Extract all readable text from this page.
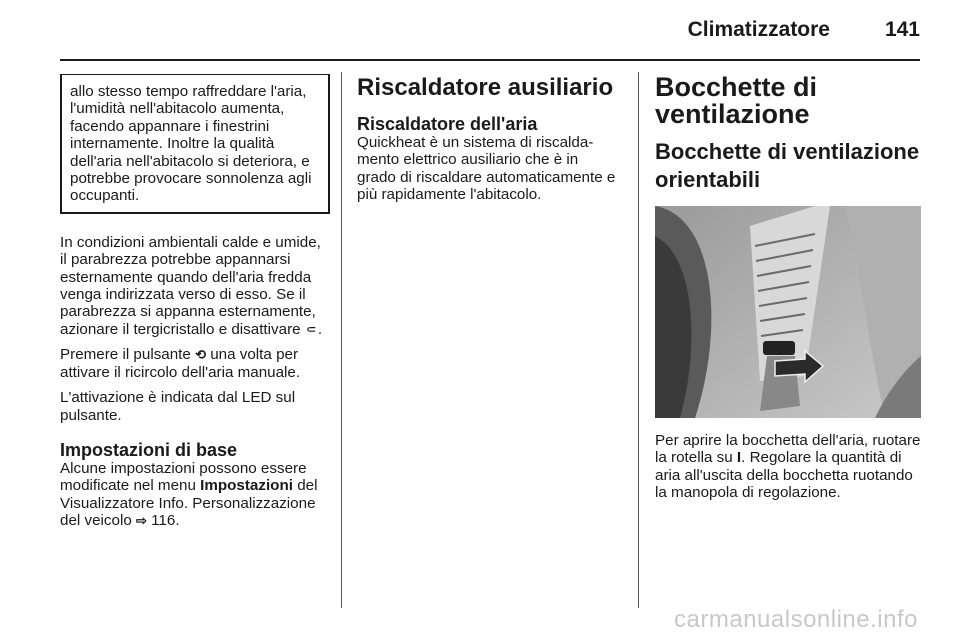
Climatizzatore	141
allo stesso tempo raffreddare l'aria, l'umidità nell'abitacolo aumenta, facendo appannare i finestrini internamente. Inoltre la qualità dell'aria nell'abitacolo si deteriora, e potrebbe provocare sonnolenza agli occupanti.

In condizioni ambientali calde e umide, il parabrezza potrebbe appannarsi esternamente quando dell'aria fredda venga indirizzata verso di esso. Se il parabrezza si appanna esternamente, azionare il tergicristallo e disattivare ⸦.

Premere il pulsante ⟲ una volta per attivare il ricircolo dell'aria manuale.

L'attivazione è indicata dal LED sul pulsante.

Impostazioni di base

Alcune impostazioni possono essere modificate nel menu Impostazioni del Visualizzatore Info. Personalizzazione del veicolo ⇨ 116.

Riscaldatore ausiliario
Riscaldatore dell'aria

Quickheat è un sistema di riscaldamento elettrico ausiliario che è in grado di riscaldare automaticamente e più rapidamente l'abitacolo.

Bocchette di
ventilazione
Bocchette di ventilazione orientabili

Per aprire la bocchetta dell'aria, ruotare la rotella su I. Regolare la quantità di aria all'uscita della bocchetta ruotando la manopola di regolazione.

carmanualsonline.info
